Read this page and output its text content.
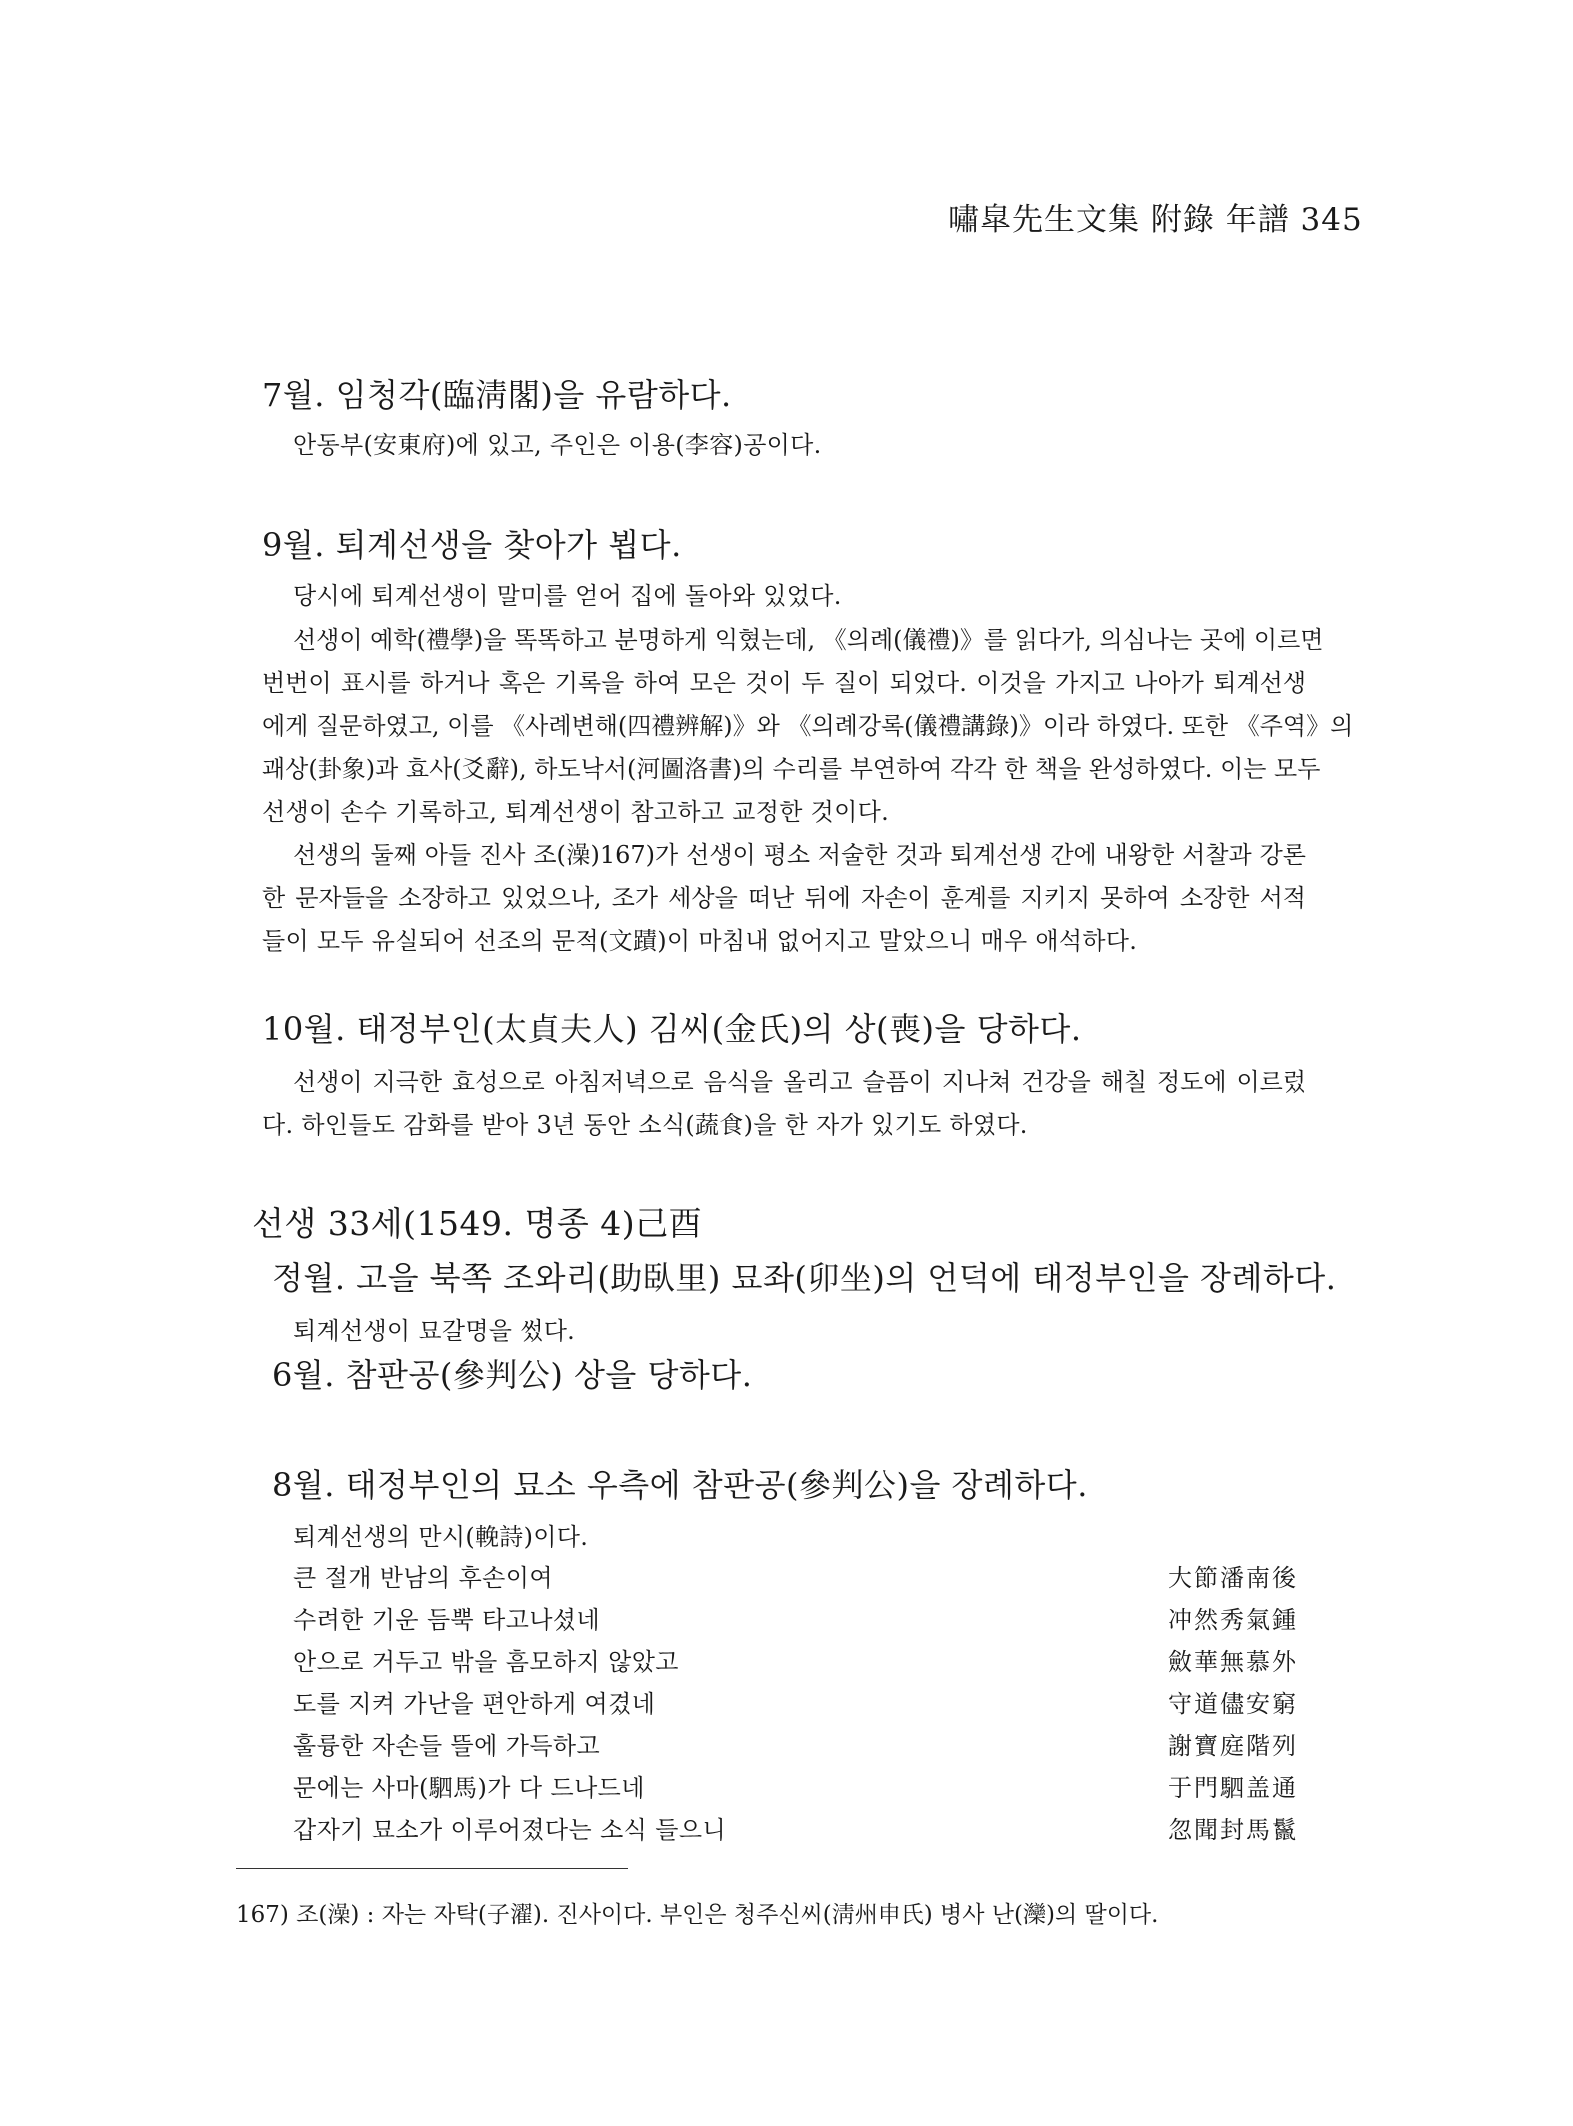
嘯皐先生文集 附錄 年譜 345
7월. 임청각(臨淸閣)을 유람하다.
안동부(安東府)에 있고, 주인은 이용(李容)공이다.
9월. 퇴계선생을 찾아가 뵙다.
당시에 퇴계선생이 말미를 얻어 집에 돌아와 있었다.
선생이 예학(禮學)을 똑똑하고 분명하게 익혔는데, 《의례(儀禮)》를 읽다가, 의심나는 곳에 이르면
번번이 표시를 하거나 혹은 기록을 하여 모은 것이 두 질이 되었다. 이것을 가지고 나아가 퇴계선생
에게 질문하였고, 이를 《사례변해(四禮辨解)》와 《의례강록(儀禮講錄)》이라 하였다. 또한 《주역》의
괘상(卦象)과 효사(爻辭), 하도낙서(河圖洛書)의 수리를 부연하여 각각 한 책을 완성하였다. 이는 모두
선생이 손수 기록하고, 퇴계선생이 참고하고 교정한 것이다.
선생의 둘째 아들 진사 조(澡)167)가 선생이 평소 저술한 것과 퇴계선생 간에 내왕한 서찰과 강론
한 문자들을 소장하고 있었으나, 조가 세상을 떠난 뒤에 자손이 훈계를 지키지 못하여 소장한 서적
들이 모두 유실되어 선조의 문적(文蹟)이 마침내 없어지고 말았으니 매우 애석하다.
10월. 태정부인(太貞夫人) 김씨(金氏)의 상(喪)을 당하다.
선생이 지극한 효성으로 아침저녁으로 음식을 올리고 슬픔이 지나쳐 건강을 해칠 정도에 이르렀
다. 하인들도 감화를 받아 3년 동안 소식(蔬食)을 한 자가 있기도 하였다.
선생 33세(1549. 명종 4)己酉
정월. 고을 북쪽 조와리(助臥里) 묘좌(卯坐)의 언덕에 태정부인을 장례하다.
퇴계선생이 묘갈명을 썼다.
6월. 참판공(參判公) 상을 당하다.
8월. 태정부인의 묘소 우측에 참판공(參判公)을 장례하다.
퇴계선생의 만시(輓詩)이다.
큰 절개 반남의 후손이여	大節潘南後
수려한 기운 듬뿍 타고나셨네	冲然秀氣鍾
안으로 거두고 밖을 흠모하지 않았고	斂華無慕外
도를 지켜 가난을 편안하게 여겼네	守道儘安窮
훌륭한 자손들 뜰에 가득하고	謝寶庭階列
문에는 사마(駟馬)가 다 드나드네	于門駟盖通
갑자기 묘소가 이루어졌다는 소식 들으니	忽聞封馬鬣
167) 조(澡) : 자는 자탁(子濯). 진사이다. 부인은 청주신씨(淸州申氏) 병사 난(灤)의 딸이다.
